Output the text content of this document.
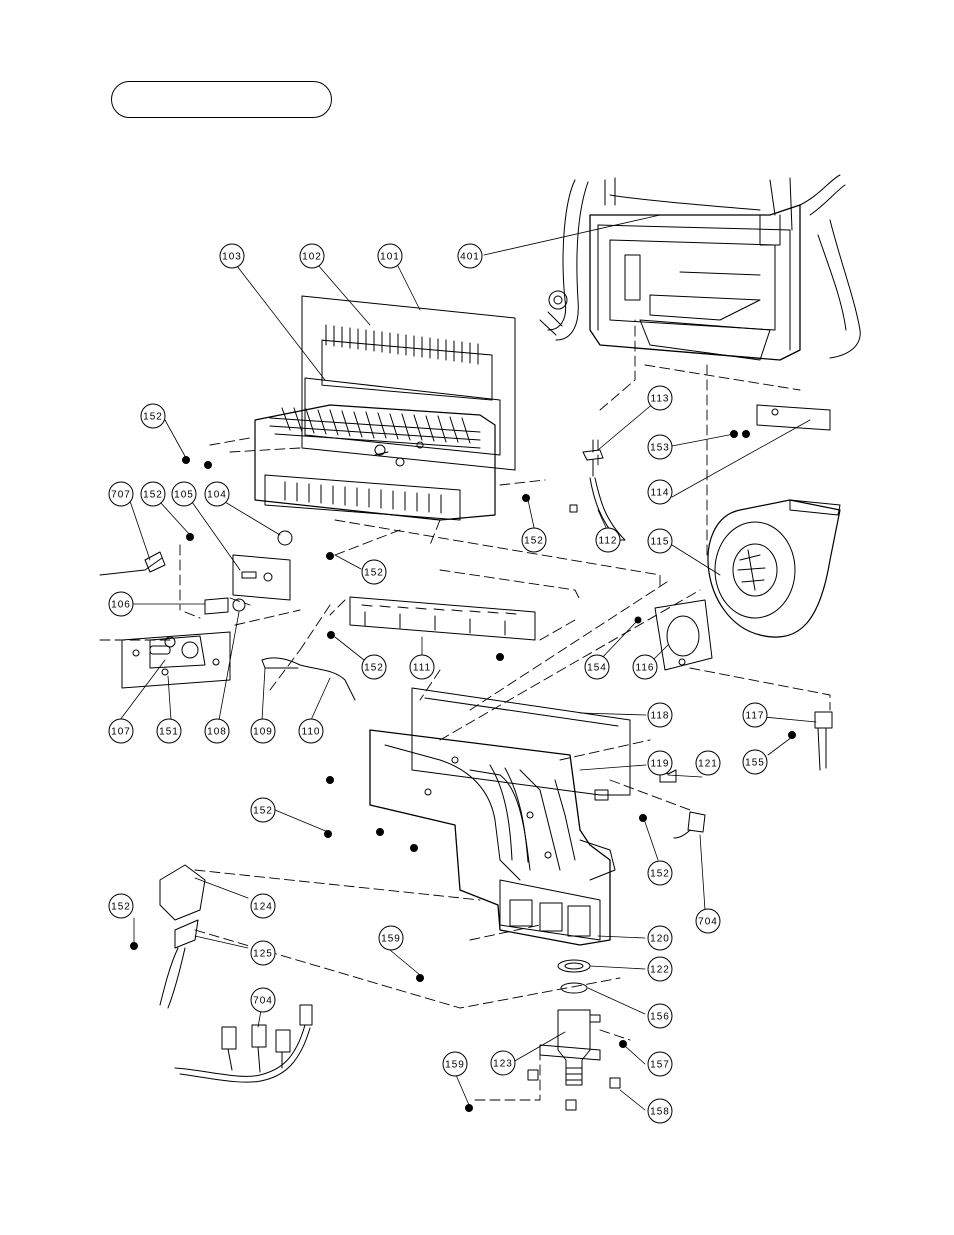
103	102	101	401
152
113
153
114
707 152 105 104
152	112	115
152
106
152	111	154	116
107	151	108	109	110
118	117
155
119	121
152
152
124
704
152
159	120
125
122
704
156
123	157
159
158
